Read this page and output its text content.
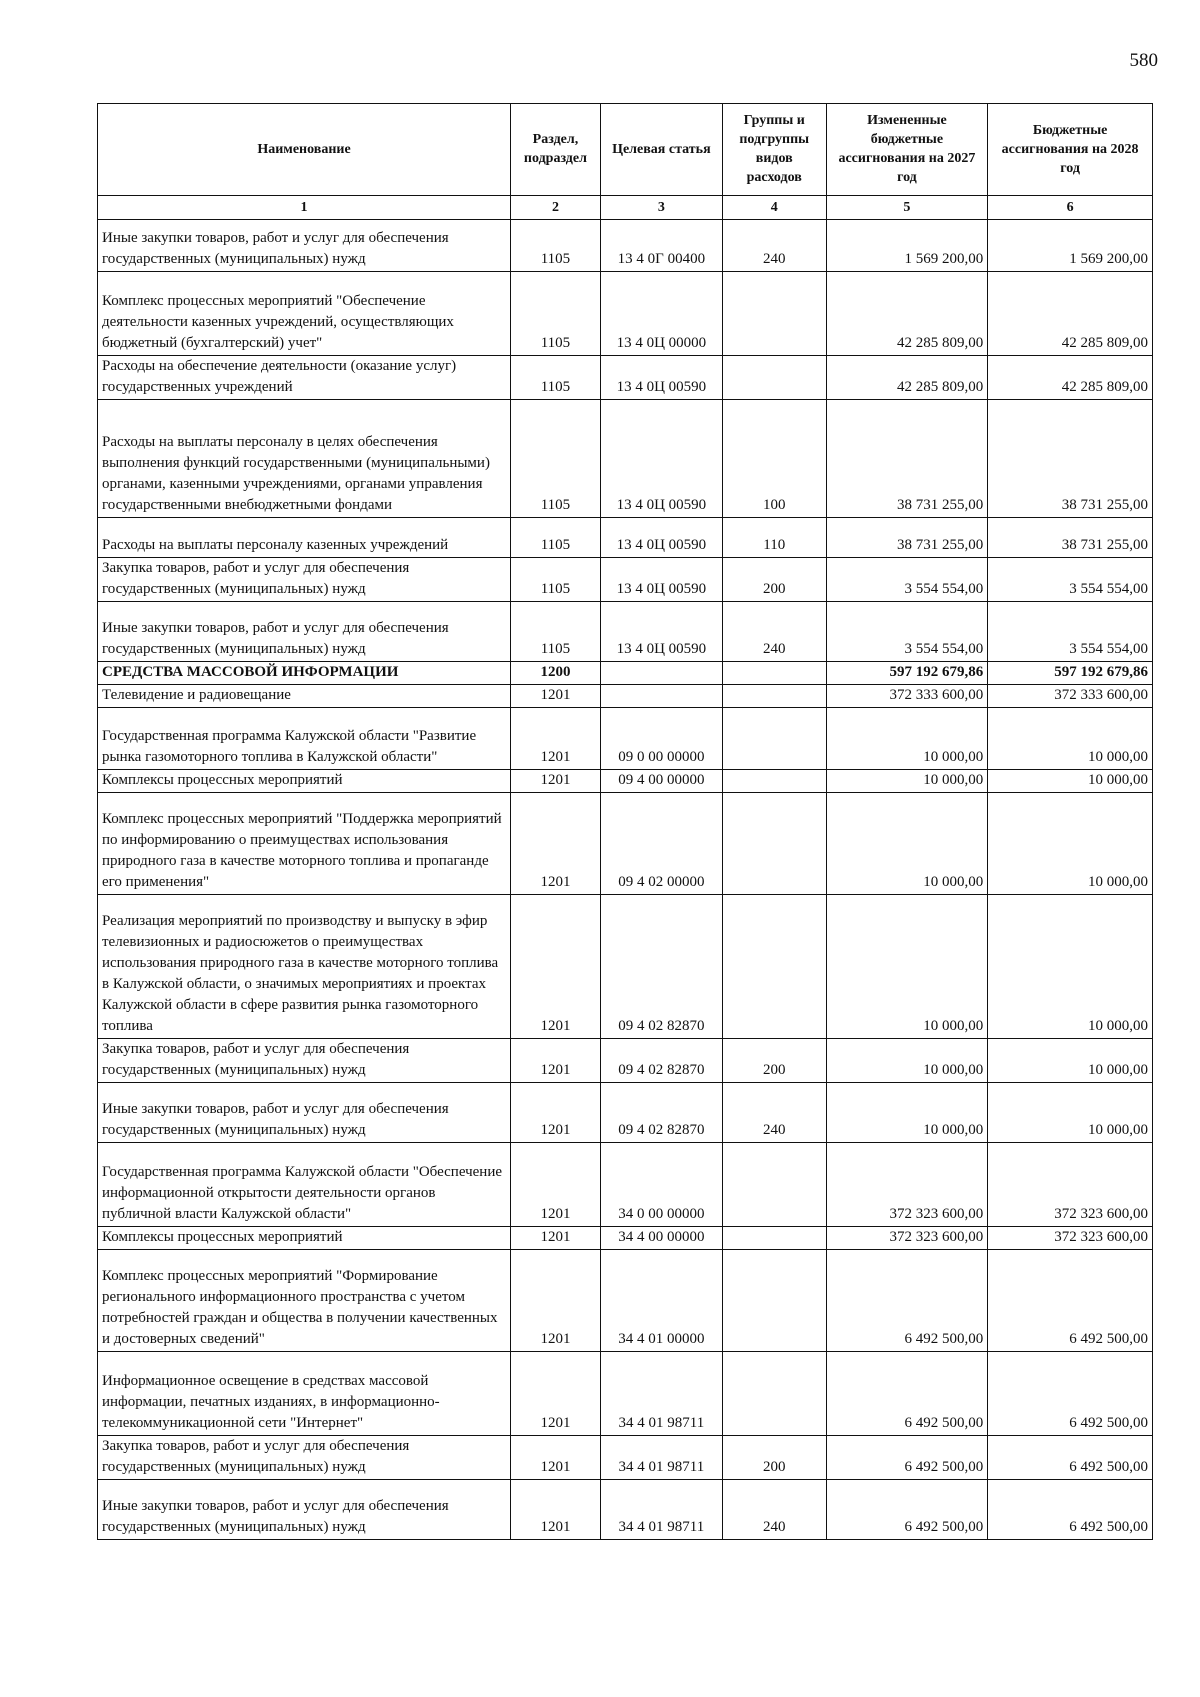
580
Наименование	Раздел, подраздел	Целевая статья	Группы и подгруппы видов расходов	Измененные бюджетные ассигнования на 2027 год	Бюджетные ассигнования на 2028 год
1	2	3	4	5	6
Иные закупки товаров, работ и услуг для обеспечения государственных (муниципальных) нужд	1105	13 4 0Г 00400	240	1 569 200,00	1 569 200,00
Комплекс процессных мероприятий "Обеспечение деятельности казенных учреждений, осуществляющих бюджетный (бухгалтерский) учет"	1105	13 4 0Ц 00000		42 285 809,00	42 285 809,00
Расходы на обеспечение деятельности (оказание услуг) государственных учреждений	1105	13 4 0Ц 00590		42 285 809,00	42 285 809,00
Расходы на выплаты персоналу в целях обеспечения выполнения функций государственными (муниципальными) органами, казенными учреждениями, органами управления государственными внебюджетными фондами	1105	13 4 0Ц 00590	100	38 731 255,00	38 731 255,00
Расходы на выплаты персоналу казенных учреждений	1105	13 4 0Ц 00590	110	38 731 255,00	38 731 255,00
Закупка товаров, работ и услуг для обеспечения государственных (муниципальных) нужд	1105	13 4 0Ц 00590	200	3 554 554,00	3 554 554,00
Иные закупки товаров, работ и услуг для обеспечения государственных (муниципальных) нужд	1105	13 4 0Ц 00590	240	3 554 554,00	3 554 554,00
СРЕДСТВА МАССОВОЙ ИНФОРМАЦИИ	1200			597 192 679,86	597 192 679,86
Телевидение и радиовещание	1201			372 333 600,00	372 333 600,00
Государственная программа Калужской области "Развитие рынка газомоторного топлива в Калужской области"	1201	09 0 00 00000		10 000,00	10 000,00
Комплексы процессных мероприятий	1201	09 4 00 00000		10 000,00	10 000,00
Комплекс процессных мероприятий "Поддержка мероприятий по информированию о преимуществах использования природного газа в качестве моторного топлива и пропаганде его применения"	1201	09 4 02 00000		10 000,00	10 000,00
Реализация мероприятий по производству и выпуску в эфир телевизионных и радиосюжетов о преимуществах использования природного газа в качестве моторного топлива в Калужской области, о значимых мероприятиях и проектах Калужской области в сфере развития рынка газомоторного топлива	1201	09 4 02 82870		10 000,00	10 000,00
Закупка товаров, работ и услуг для обеспечения государственных (муниципальных) нужд	1201	09 4 02 82870	200	10 000,00	10 000,00
Иные закупки товаров, работ и услуг для обеспечения государственных (муниципальных) нужд	1201	09 4 02 82870	240	10 000,00	10 000,00
Государственная программа Калужской области "Обеспечение информационной открытости деятельности органов публичной власти Калужской области"	1201	34 0 00 00000		372 323 600,00	372 323 600,00
Комплексы процессных мероприятий	1201	34 4 00 00000		372 323 600,00	372 323 600,00
Комплекс процессных мероприятий "Формирование регионального информационного пространства с учетом потребностей граждан и общества в получении качественных и достоверных сведений"	1201	34 4 01 00000		6 492 500,00	6 492 500,00
Информационное освещение в средствах массовой информации, печатных изданиях, в информационно-телекоммуникационной сети "Интернет"	1201	34 4 01 98711		6 492 500,00	6 492 500,00
Закупка товаров, работ и услуг для обеспечения государственных (муниципальных) нужд	1201	34 4 01 98711	200	6 492 500,00	6 492 500,00
Иные закупки товаров, работ и услуг для обеспечения государственных (муниципальных) нужд	1201	34 4 01 98711	240	6 492 500,00	6 492 500,00
